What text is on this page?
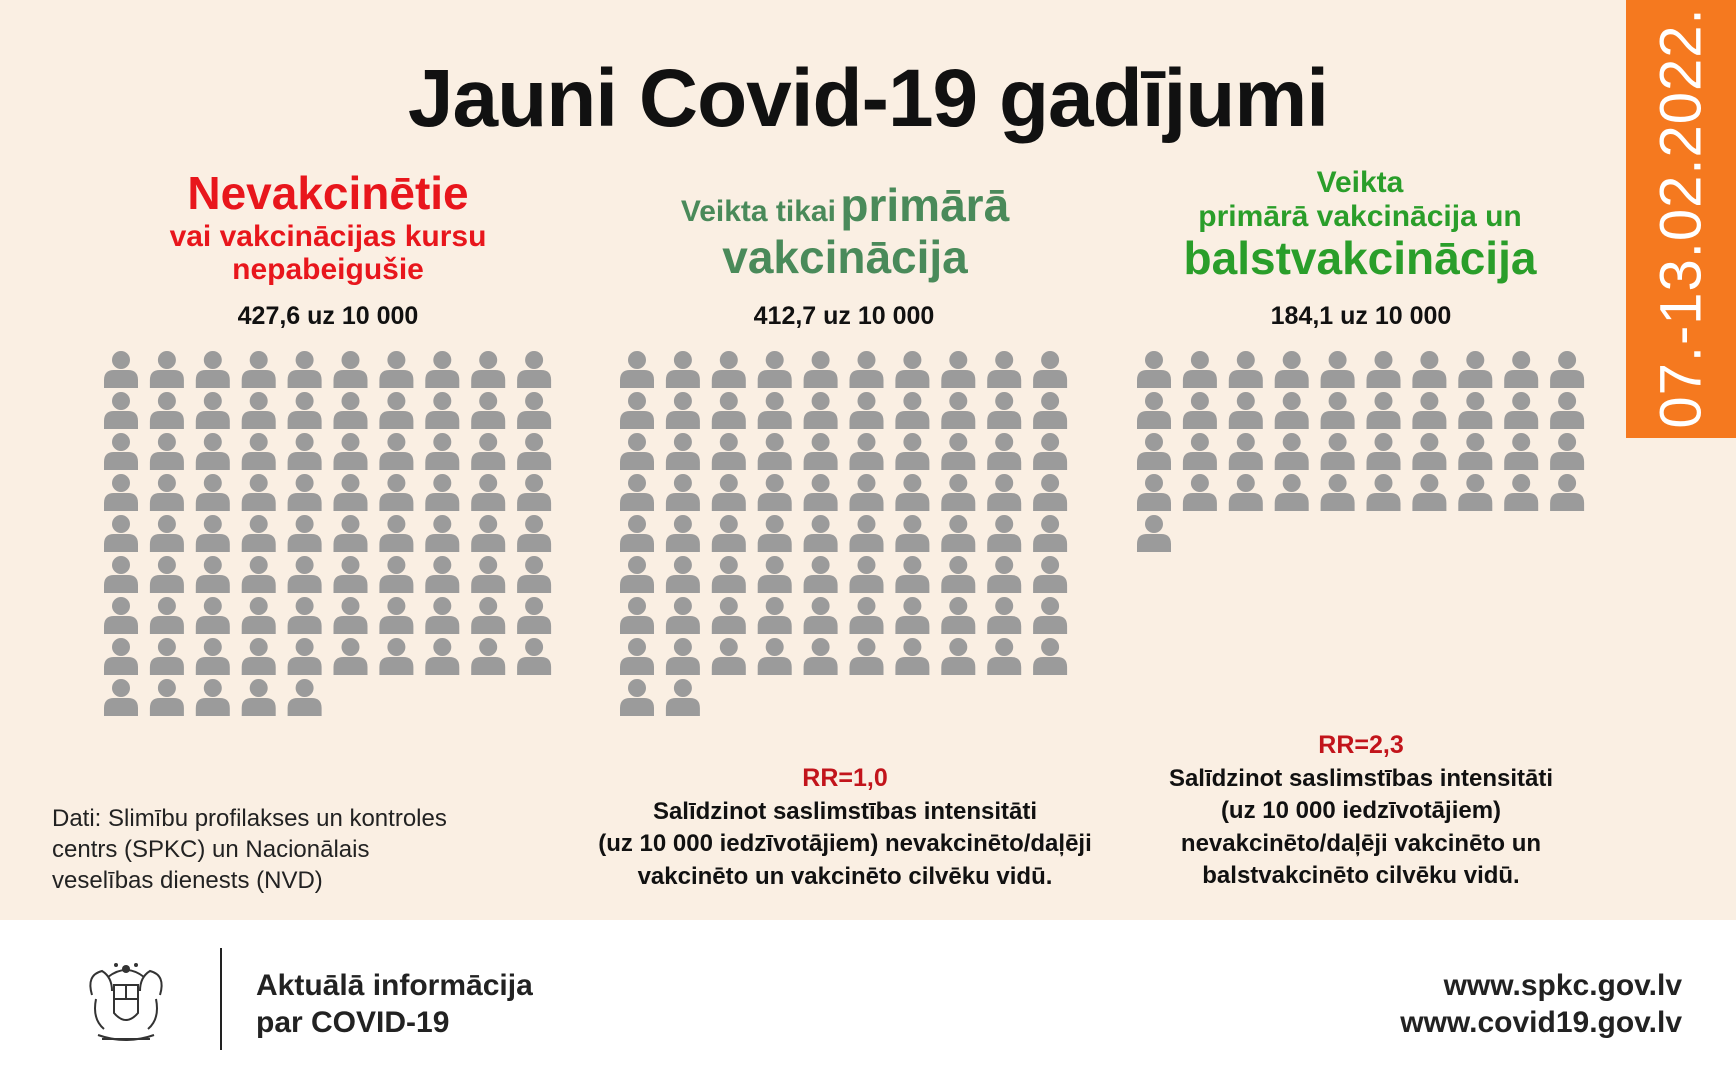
07.-13.02.2022.
Jauni Covid-19 gadījumi
Nevakcinētie
vai vakcinācijas kursu
nepabeigušie
427,6 uz 10 000
Veikta tikai primārā
vakcinācija
412,7 uz 10 000
Veikta
primārā vakcinācija un
balstvakcinācija
184,1 uz 10 000
RR=1,0
Salīdzinot saslimstības intensitāti
(uz 10 000 iedzīvotājiem) nevakcinēto/daļēji
vakcinēto un vakcinēto cilvēku vidū.
RR=2,3
Salīdzinot saslimstības intensitāti
(uz 10 000 iedzīvotājiem)
nevakcinēto/daļēji vakcinēto un
balstvakcinēto cilvēku vidū.
Dati: Slimību profilakses un kontroles
centrs (SPKC) un Nacionālais
veselības dienests (NVD)
Aktuālā informācija
par COVID-19
www.spkc.gov.lv
www.covid19.gov.lv
